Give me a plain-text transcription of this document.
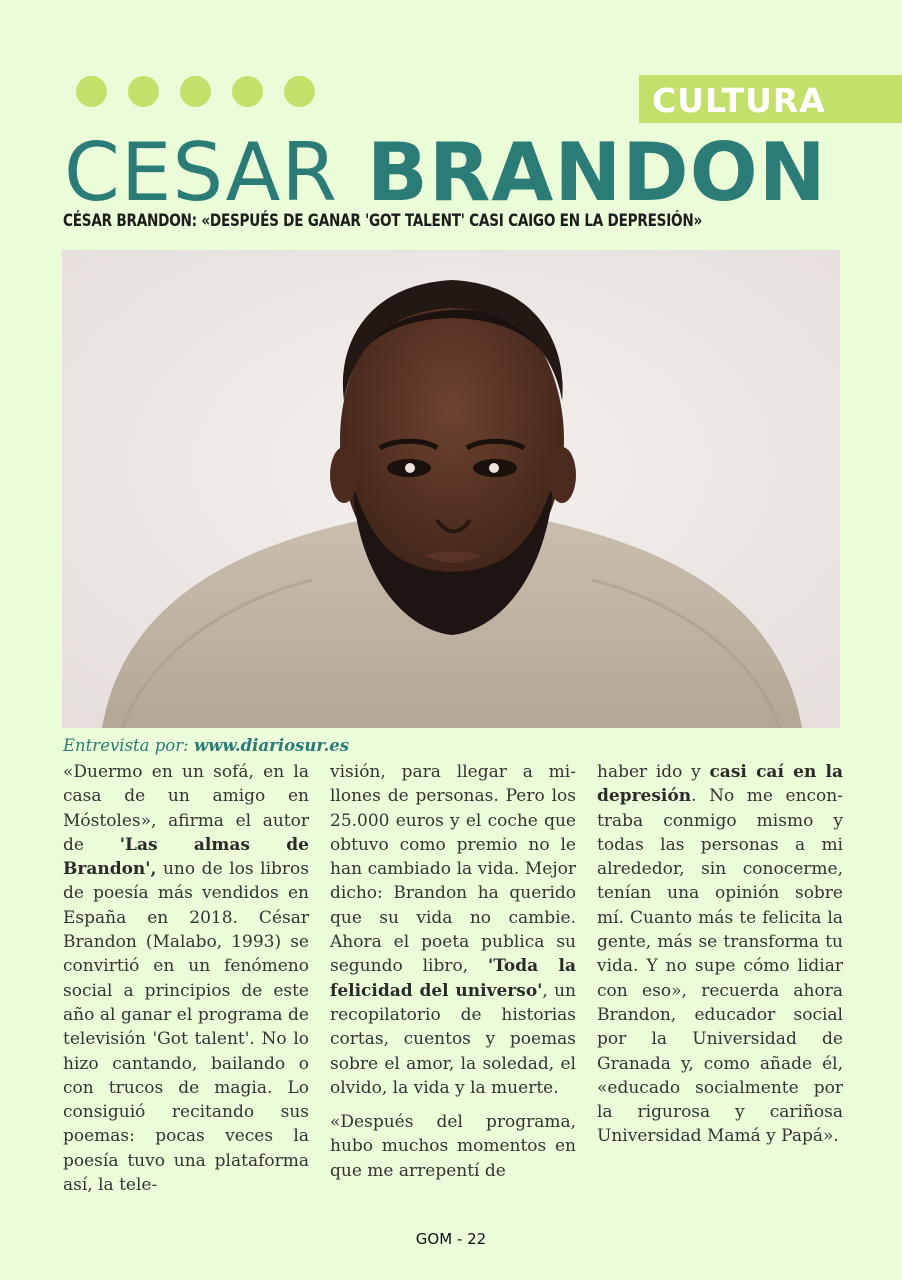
CULTURA
CESAR BRANDON
CÉSAR BRANDON: «DESPUÉS DE GANAR 'GOT TALENT' CASI CAIGO EN LA DEPRESIÓN»

Entrevista por: www.diariosur.es

«Duermo en un sofá, en la casa de un amigo en Móstoles», afirma el autor de 'Las almas de Brandon', uno de los libros de poesía más vendidos en España en 2018. César Brandon (Malabo, 1993) se convirtió en un fenómeno social a principios de este año al ganar el programa de televisión 'Got talent'. No lo hizo cantando, bailando o con trucos de magia. Lo consiguió recitando sus poemas: pocas veces la poesía tuvo una plataforma así, la tele-

visión, para llegar a millones de personas. Pero los 25.000 euros y el coche que obtuvo como premio no le han cambiado la vida. Mejor dicho: Brandon ha querido que su vida no cambie. Ahora el poeta publica su segundo libro, 'Toda la felicidad del universo', un recopilatorio de historias cortas, cuentos y poemas sobre el amor, la soledad, el olvido, la vida y la muerte.

«Después del programa, hubo muchos momentos en que me arrepentí de

haber ido y casi caí en la depresión. No me encontraba conmigo mismo y todas las personas a mi alrededor, sin conocerme, tenían una opinión sobre mí. Cuanto más te felicita la gente, más se transforma tu vida. Y no supe cómo lidiar con eso», recuerda ahora Brandon, educador social por la Universidad de Granada y, como añade él, «educado socialmente por la rigurosa y cariñosa Universidad Mamá y Papá».

GOM - 22
